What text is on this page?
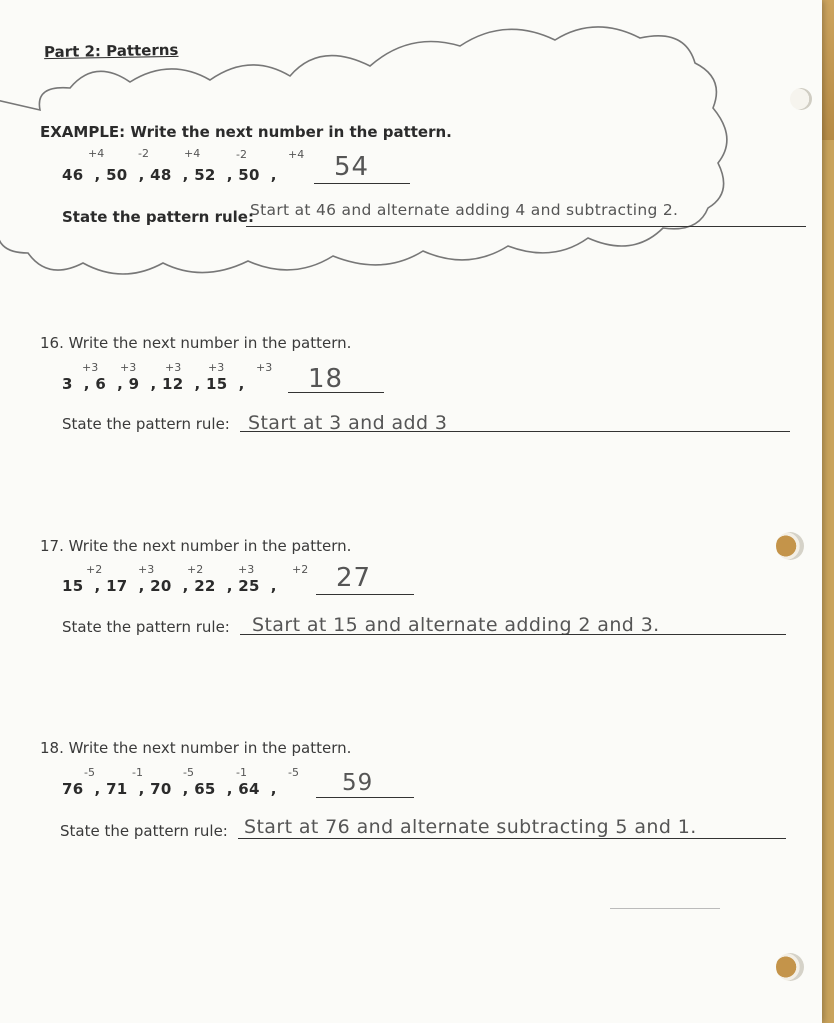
Part 2: Patterns
EXAMPLE: Write the next number in the pattern.
+4	-2	+4	-2	+4
46  , 50  , 48  , 52  , 50  , 54
State the pattern rule:
Start at 46 and alternate adding 4 and subtracting 2.
16. Write the next number in the pattern.
+3 +3	+3 +3	+3
3  , 6  , 9  , 12  , 15  , 18
State the pattern rule: Start at 3 and add 3
17. Write the next number in the pattern.
+2	+3	+2	+3	+2
15  , 17  , 20  , 22  , 25  , 27
State the pattern rule: Start at 15 and alternate adding 2 and 3.
18. Write the next number in the pattern.
-5	-1	-5	-1	-5
76  , 71  , 70  , 65  , 64  ,	59
State the pattern rule: Start at 76 and alternate subtracting 5 and 1.
